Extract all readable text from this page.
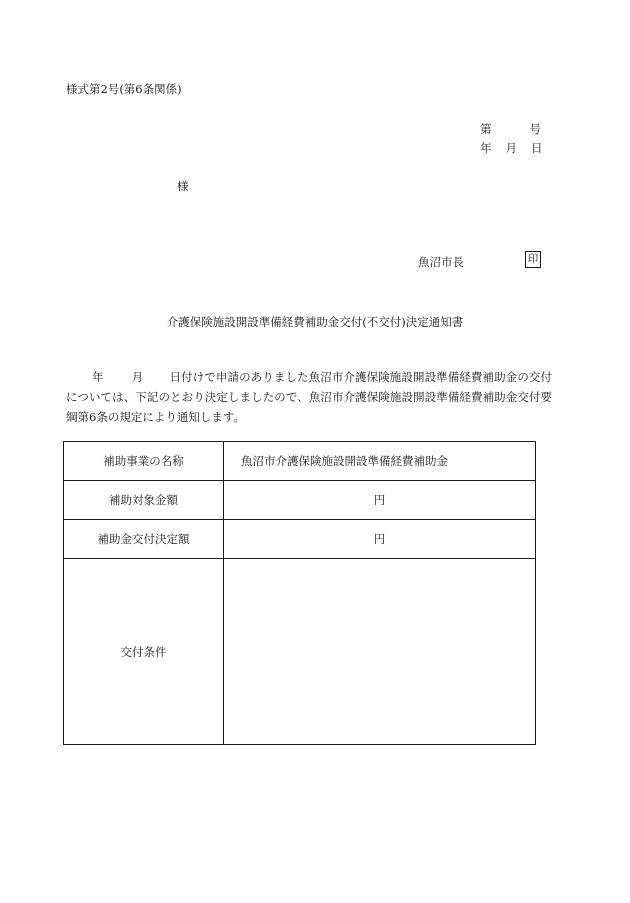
様式第2号(第6条関係)
第	号
年 月 日
様
魚沼市長	印
介護保険施設開設準備経費補助金交付(不交付)決定通知書
年 月 日付けで申請のありました魚沼市介護保険施設開設準備経費補助金の交付については、下記のとおり決定しましたので、魚沼市介護保険施設開設準備経費補助金交付要綱第6条の規定により通知します。
補助事業の名称	魚沼市介護保険施設開設準備経費補助金
補助対象金額	円
補助金交付決定額	円
交付条件	
